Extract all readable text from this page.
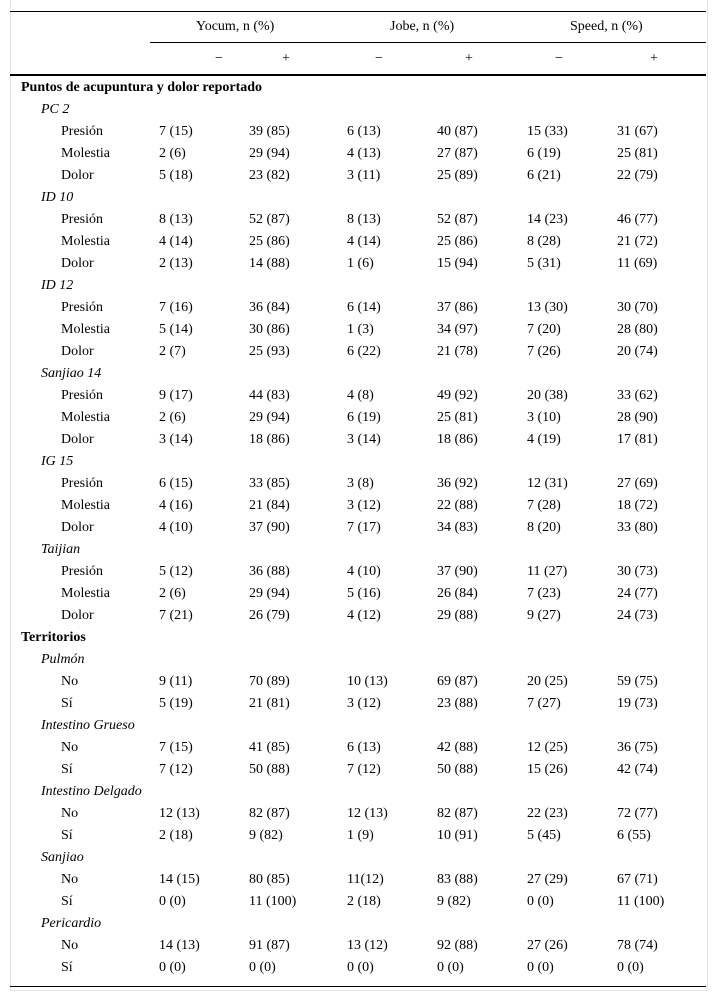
Yocum, n (%)	Jobe, n (%)	Speed, n (%)
−	+	−	+	−	+
Puntos de acupuntura y dolor reportado
PC 2
Presión	7 (15)	39 (85)	6 (13)	40 (87)	15 (33)	31 (67)
Molestia	2 (6)	29 (94)	4 (13)	27 (87)	6 (19)	25 (81)
Dolor	5 (18)	23 (82)	3 (11)	25 (89)	6 (21)	22 (79)
ID 10
Presión	8 (13)	52 (87)	8 (13)	52 (87)	14 (23)	46 (77)
Molestia	4 (14)	25 (86)	4 (14)	25 (86)	8 (28)	21 (72)
Dolor	2 (13)	14 (88)	1 (6)	15 (94)	5 (31)	11 (69)
ID 12
Presión	7 (16)	36 (84)	6 (14)	37 (86)	13 (30)	30 (70)
Molestia	5 (14)	30 (86)	1 (3)	34 (97)	7 (20)	28 (80)
Dolor	2 (7)	25 (93)	6 (22)	21 (78)	7 (26)	20 (74)
Sanjiao 14
Presión	9 (17)	44 (83)	4 (8)	49 (92)	20 (38)	33 (62)
Molestia	2 (6)	29 (94)	6 (19)	25 (81)	3 (10)	28 (90)
Dolor	3 (14)	18 (86)	3 (14)	18 (86)	4 (19)	17 (81)
IG 15
Presión	6 (15)	33 (85)	3 (8)	36 (92)	12 (31)	27 (69)
Molestia	4 (16)	21 (84)	3 (12)	22 (88)	7 (28)	18 (72)
Dolor	4 (10)	37 (90)	7 (17)	34 (83)	8 (20)	33 (80)
Taijian
Presión	5 (12)	36 (88)	4 (10)	37 (90)	11 (27)	30 (73)
Molestia	2 (6)	29 (94)	5 (16)	26 (84)	7 (23)	24 (77)
Dolor	7 (21)	26 (79)	4 (12)	29 (88)	9 (27)	24 (73)
Territorios
Pulmón
No	9 (11)	70 (89)	10 (13)	69 (87)	20 (25)	59 (75)
Sí	5 (19)	21 (81)	3 (12)	23 (88)	7 (27)	19 (73)
Intestino Grueso
No	7 (15)	41 (85)	6 (13)	42 (88)	12 (25)	36 (75)
Sí	7 (12)	50 (88)	7 (12)	50 (88)	15 (26)	42 (74)
Intestino Delgado
No	12 (13)	82 (87)	12 (13)	82 (87)	22 (23)	72 (77)
Sí	2 (18)	9 (82)	1 (9)	10 (91)	5 (45)	6 (55)
Sanjiao
No	14 (15)	80 (85)	11(12)	83 (88)	27 (29)	67 (71)
Sí	0 (0)	11 (100)	2 (18)	9 (82)	0 (0)	11 (100)
Pericardio
No	14 (13)	91 (87)	13 (12)	92 (88)	27 (26)	78 (74)
Sí	0 (0)	0 (0)	0 (0)	0 (0)	0 (0)	0 (0)
